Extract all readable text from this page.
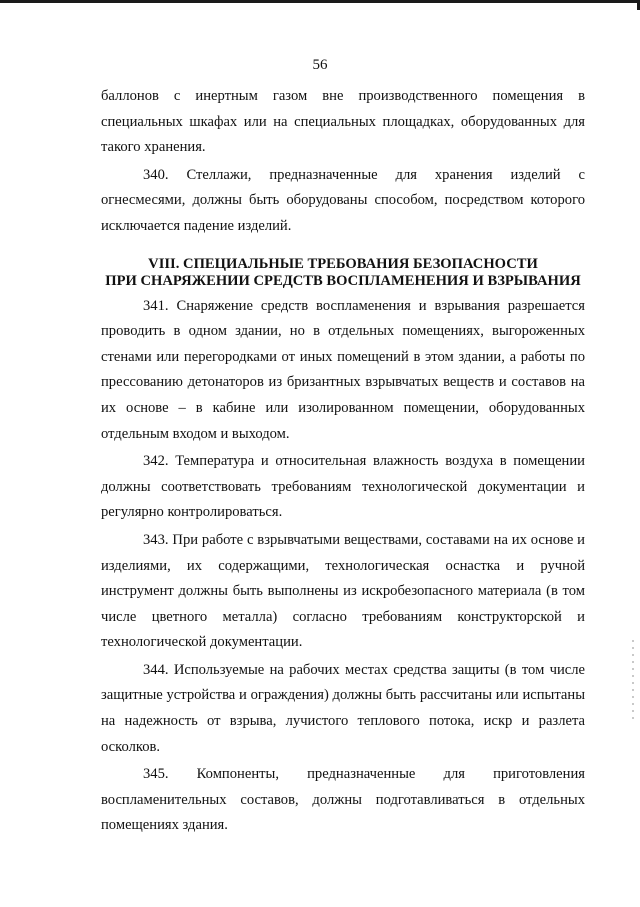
56

баллонов с инертным газом вне производственного помещения в специальных шкафах или на специальных площадках, оборудованных для такого хранения.

340. Стеллажи, предназначенные для хранения изделий с огнесмесями, должны быть оборудованы способом, посредством которого исключается падение изделий.

VIII. СПЕЦИАЛЬНЫЕ ТРЕБОВАНИЯ БЕЗОПАСНОСТИ
ПРИ СНАРЯЖЕНИИ СРЕДСТВ ВОСПЛАМЕНЕНИЯ И ВЗРЫВАНИЯ

341. Снаряжение средств воспламенения и взрывания разрешается проводить в одном здании, но в отдельных помещениях, выгороженных стенами или перегородками от иных помещений в этом здании, а работы по прессованию детонаторов из бризантных взрывчатых веществ и составов на их основе – в кабине или изолированном помещении, оборудованных отдельным входом и выходом.

342. Температура и относительная влажность воздуха в помещении должны соответствовать требованиям технологической документации и регулярно контролироваться.

343. При работе с взрывчатыми веществами, составами на их основе и изделиями, их содержащими, технологическая оснастка и ручной инструмент должны быть выполнены из искробезопасного материала (в том числе цветного металла) согласно требованиям конструкторской и технологической документации.

344. Используемые на рабочих местах средства защиты (в том числе защитные устройства и ограждения) должны быть рассчитаны или испытаны на надежность от взрыва, лучистого теплового потока, искр и разлета осколков.

345. Компоненты, предназначенные для приготовления воспламенительных составов, должны подготавливаться в отдельных помещениях здания.
